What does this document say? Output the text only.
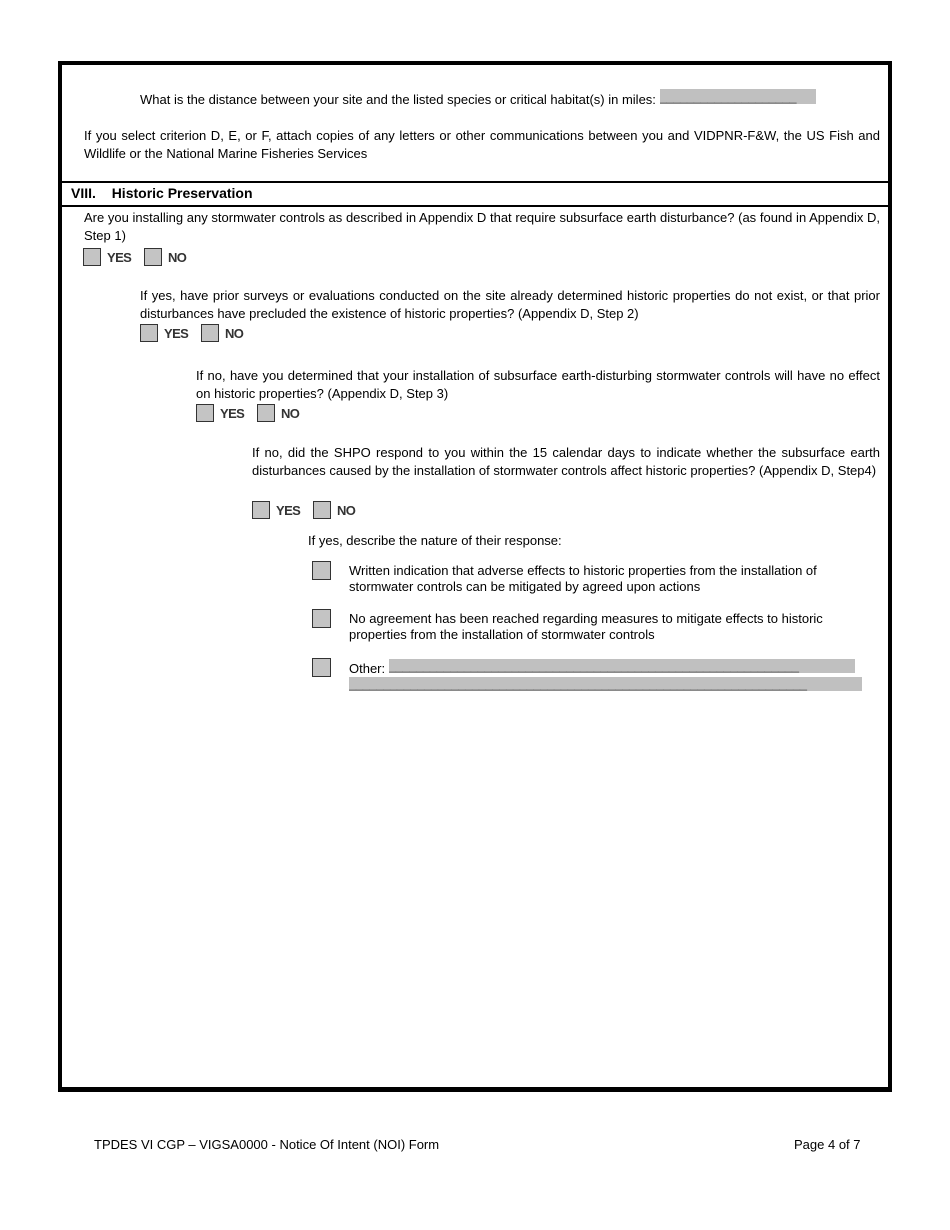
What is the distance between your site and the listed species or critical habitat(s) in miles: ____________________

If you select criterion D, E, or F, attach copies of any letters or other communications between you and VIDPNR-F&W, the US Fish and Wildlife or the National Marine Fisheries Services

VIII. Historic Preservation

Are you installing any stormwater controls as described in Appendix D that require subsurface earth disturbance? (as found in Appendix D, Step 1)

YES	NO

If yes, have prior surveys or evaluations conducted on the site already determined historic properties do not exist, or that prior disturbances have precluded the existence of historic properties? (Appendix D, Step 2)

YES	NO

If no, have you determined that your installation of subsurface earth-disturbing stormwater controls will have no effect on historic properties? (Appendix D, Step 3)

YES	NO

If no, did the SHPO respond to you within the 15 calendar days to indicate whether the subsurface earth disturbances caused by the installation of stormwater controls affect historic properties? (Appendix D, Step4)

YES	NO

If yes, describe the nature of their response:

Written indication that adverse effects to historic properties from the installation of stormwater controls can be mitigated by agreed upon actions

No agreement has been reached regarding measures to mitigate effects to historic properties from the installation of stormwater controls

Other: ____________________________________________________________

___________________________________________________________________
TPDES VI CGP – VIGSA0000 - Notice Of Intent (NOI) Form	Page 4 of 7
